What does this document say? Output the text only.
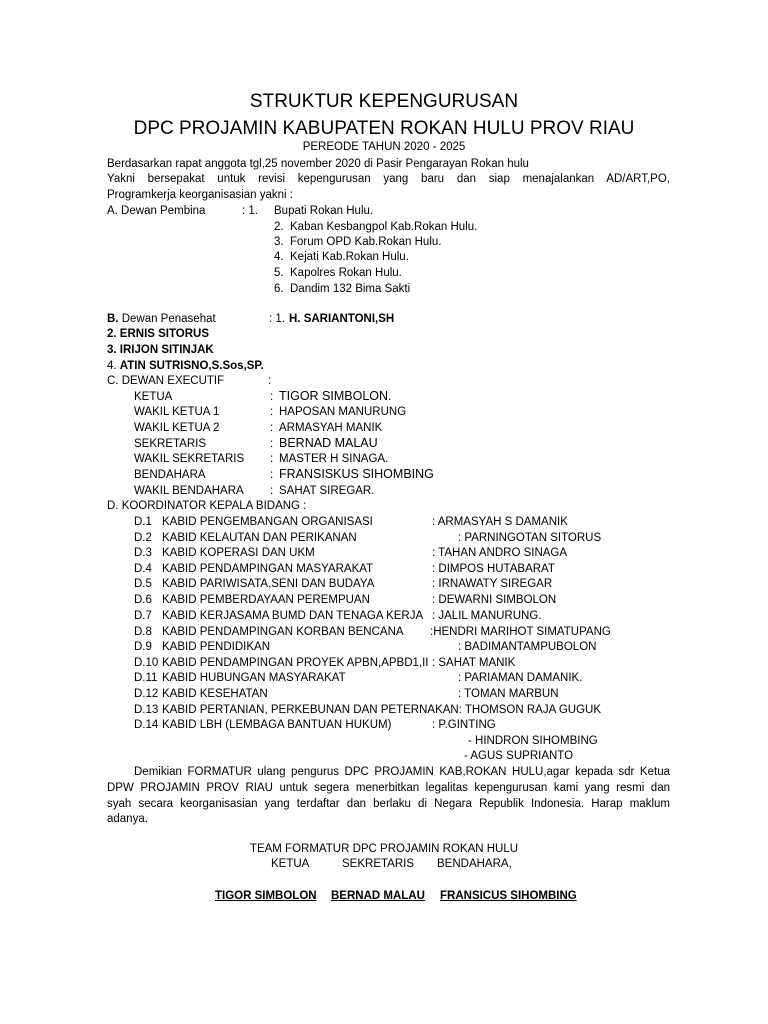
STRUKTUR KEPENGURUSAN
DPC PROJAMIN KABUPATEN ROKAN HULU PROV RIAU
PEREODE TAHUN 2020 - 2025
Berdasarkan rapat anggota tgl,25 november 2020 di Pasir Pengarayan Rokan hulu
Yakni bersepakat untuk revisi kepengurusan yang baru dan siap menajalankan AD/ART,PO,
Programkerja keorganisasian yakni :
A. Dewan Pembina	: 1. Bupati Rokan Hulu.
2. Kaban Kesbangpol Kab.Rokan Hulu.
3. Forum OPD Kab.Rokan Hulu.
4. Kejati Kab.Rokan Hulu.
5. Kapolres Rokan Hulu.
6. Dandim 132 Bima Sakti
B. Dewan Penasehat	: 1. H. SARIANTONI,SH
2. ERNIS SITORUS
3. IRIJON SITINJAK
4. ATIN SUTRISNO,S.Sos,SP.
C. DEWAN EXECUTIF	:
KETUA	: TIGOR SIMBOLON.
WAKIL KETUA 1	: HAPOSAN MANURUNG
WAKIL KETUA 2	: ARMASYAH MANIK
SEKRETARIS	: BERNAD MALAU
WAKIL SEKRETARIS : MASTER H SINAGA.
BENDAHARA	: FRANSISKUS SIHOMBING
WAKIL BENDAHARA : SAHAT SIREGAR.
D. KOORDINATOR KEPALA BIDANG :
D.1 KABID PENGEMBANGAN ORGANISASI	: ARMASYAH S DAMANIK
D.2 KABID KELAUTAN DAN PERIKANAN	: PARNINGOTAN SITORUS
D.3 KABID KOPERASI DAN UKM	: TAHAN ANDRO SINAGA
D.4 KABID PENDAMPINGAN MASYARAKAT	: DIMPOS HUTABARAT
D.5 KABID PARIWISATA,SENI DAN BUDAYA	: IRNAWATY SIREGAR
D.6 KABID PEMBERDAYAAN PEREMPUAN	: DEWARNI SIMBOLON
D.7 KABID KERJASAMA BUMD DAN TENAGA KERJA : JALIL MANURUNG.
D.8 KABID PENDAMPINGAN KORBAN BENCANA :HENDRI MARIHOT SIMATUPANG
D.9 KABID PENDIDIKAN	: BADIMANTAMPUBOLON
D.10 KABID PENDAMPINGAN PROYEK APBN,APBD1,II : SAHAT MANIK
D.11 KABID HUBUNGAN MASYARAKAT	: PARIAMAN DAMANIK.
D.12 KABID KESEHATAN	: TOMAN MARBUN
D.13 KABID PERTANIAN, PERKEBUNAN DAN PETERNAKAN: THOMSON RAJA GUGUK
D.14 KABID LBH (LEMBAGA BANTUAN HUKUM)	: P.GINTING
- HINDRON SIHOMBING
- AGUS SUPRIANTO
Demikian FORMATUR ulang pengurus DPC PROJAMIN KAB,ROKAN HULU,agar kepada sdr Ketua
DPW PROJAMIN PROV RIAU untuk segera menerbitkan legalitas kepengurusan kami yang resmi dan
syah secara keorganisasian yang terdaftar dan berlaku di Negara Republik Indonesia. Harap maklum
adanya.
TEAM FORMATUR DPC PROJAMIN ROKAN HULU
KETUA	SEKRETARIS BENDAHARA,
TIGOR SIMBOLON BERNAD MALAU FRANSICUS SIHOMBING
